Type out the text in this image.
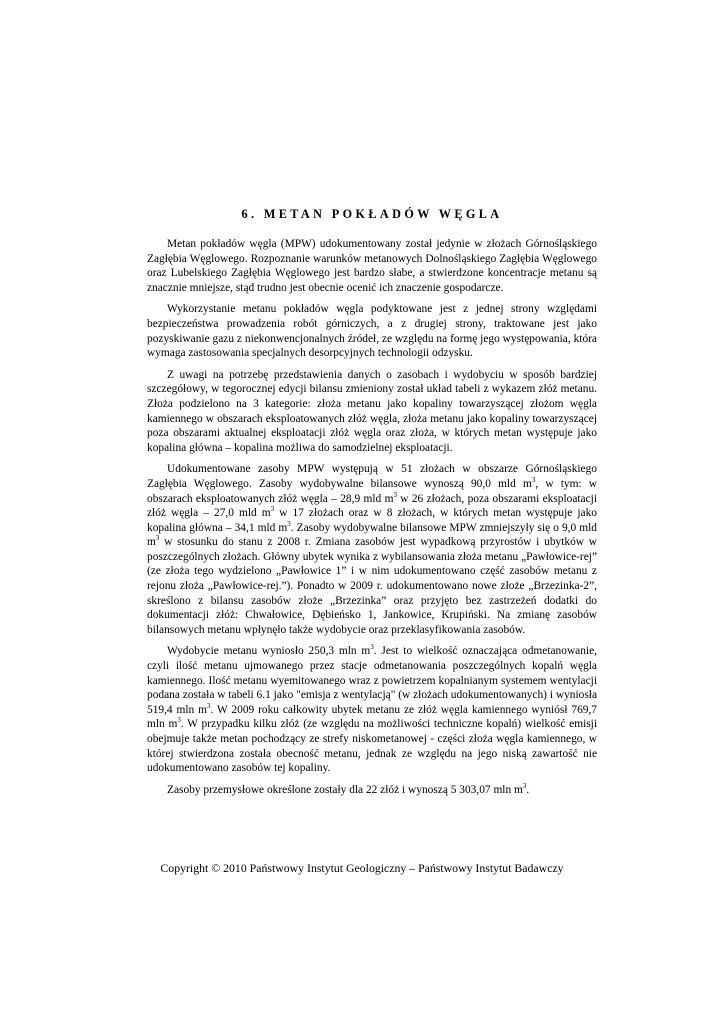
6. METAN POKŁADÓW WĘGLA

Metan pokładów węgla (MPW) udokumentowany został jedynie w złożach Górnośląskiego Zagłębia Węglowego. Rozpoznanie warunków metanowych Dolnośląskiego Zagłębia Węglowego oraz Lubelskiego Zagłębia Węglowego jest bardzo słabe, a stwierdzone koncentracje metanu są znacznie mniejsze, stąd trudno jest obecnie ocenić ich znaczenie gospodarcze.

Wykorzystanie metanu pokładów węgla podyktowane jest z jednej strony względami bezpieczeństwa prowadzenia robót górniczych, a z drugiej strony, traktowane jest jako pozyskiwanie gazu z niekonwencjonalnych źródeł, ze względu na formę jego występowania, która wymaga zastosowania specjalnych desorpcyjnych technologii odzysku.

Z uwagi na potrzebę przedstawienia danych o zasobach i wydobyciu w sposób bardziej szczegółowy, w tegorocznej edycji bilansu zmieniony został układ tabeli z wykazem złóż metanu. Złoża podzielono na 3 kategorie: złoża metanu jako kopaliny towarzyszącej złożom węgla kamiennego w obszarach eksploatowanych złóż węgla, złoża metanu jako kopaliny towarzyszącej poza obszarami aktualnej eksploatacji złóż węgla oraz złoża, w których metan występuje jako kopalina główna – kopalina możliwa do samodzielnej eksploatacji.

Udokumentowane zasoby MPW występują w 51 złożach w obszarze Górnośląskiego Zagłębia Węglowego. Zasoby wydobywalne bilansowe wynoszą 90,0 mld $m^3$, w tym: w obszarach eksploatowanych złóż węgla – 28,9 mld $m^3$ w 26 złożach, poza obszarami eksploatacji złóż węgla – 27,0 mld $m^3$ w 17 złożach oraz w 8 złożach, w których metan występuje jako kopalina główna – 34,1 mld $m^3$. Zasoby wydobywalne bilansowe MPW zmniejszyły się o 9,0 mld $m^3$ w stosunku do stanu z 2008 r. Zmiana zasobów jest wypadkową przyrostów i ubytków w poszczególnych złożach. Główny ubytek wynika z wybilansowania złoża metanu „Pawłowice-rej” (ze złoża tego wydzielono „Pawłowice 1” i w nim udokumentowano część zasobów metanu z rejonu złoża „Pawłowice-rej.”). Ponadto w 2009 r. udokumentowano nowe złoże „Brzezinka-2”, skreślono z bilansu zasobów złoże „Brzezinka” oraz przyjęto bez zastrzeżeń dodatki do dokumentacji złóż: Chwałowice, Dębieńsko 1, Jankowice, Krupiński. Na zmianę zasobów bilansowych metanu wpłynęło także wydobycie oraz przeklasyfikowania zasobów.

Wydobycie metanu wyniosło 250,3 mln $m^3$. Jest to wielkość oznaczająca odmetanowanie, czyli ilość metanu ujmowanego przez stacje odmetanowania poszczególnych kopalń węgla kamiennego. Ilość metanu wyemitowanego wraz z powietrzem kopalnianym systemem wentylacji podana została w tabeli 6.1 jako "emisja z wentylacją" (w złożach udokumentowanych) i wyniosła 519,4 mln $m^3$. W 2009 roku całkowity ubytek metanu ze złóż węgla kamiennego wyniósł 769,7 mln $m^3$. W przypadku kilku złóż (ze względu na możliwości techniczne kopalń) wielkość emisji obejmuje także metan pochodzący ze strefy niskometanowej - części złoża węgla kamiennego, w której stwierdzona została obecność metanu, jednak ze względu na jego niską zawartość nie udokumentowano zasobów tej kopaliny.

Zasoby przemysłowe określone zostały dla 22 złóż i wynoszą 5 303,07 mln $m^3$.

Copyright © 2010 Państwowy Instytut Geologiczny – Państwowy Instytut Badawczy
